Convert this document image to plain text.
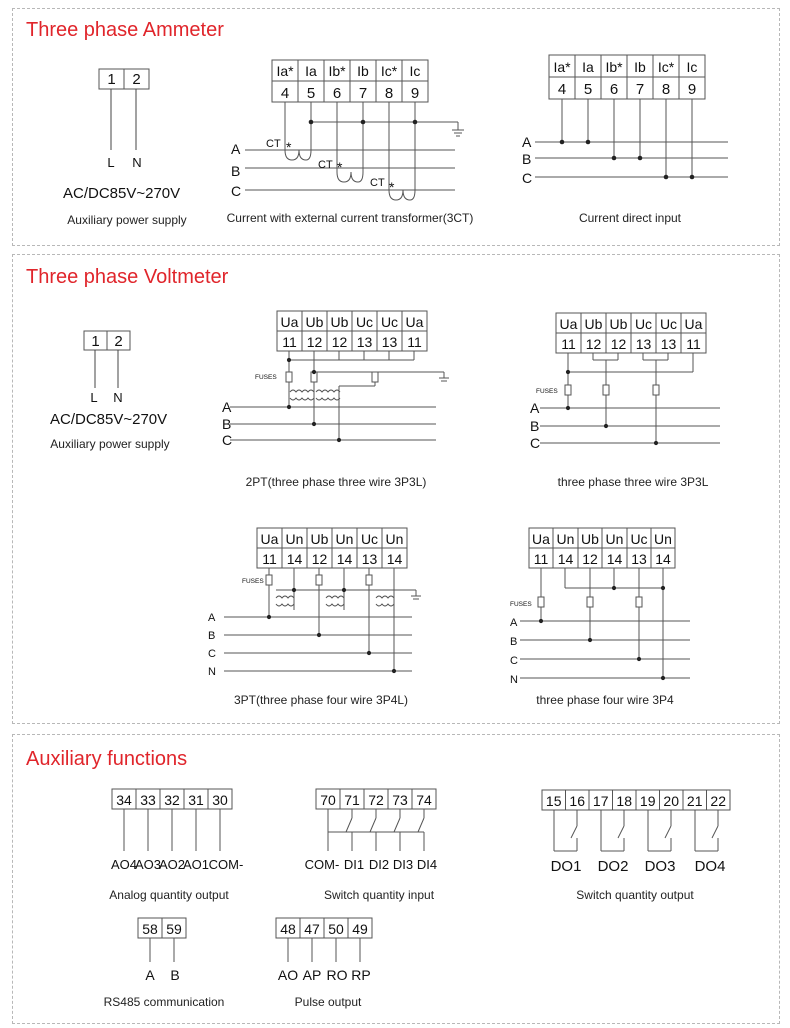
Three phase Ammeter
Three phase Voltmeter
Auxiliary functions
1 2
L N
AC/DC85V~270V
Auxiliary power supply
Ia* Ia Ib* Ib Ic* Ic
4 5 6 7 8 9
CT *
CT *
CT *
A
B
C
Current with external current transformer(3CT)
Ia* Ia Ib* Ib Ic* Ic
4 5 6 7 8 9
A
B
C
Current direct input
1 2
L N
AC/DC85V~270V
Auxiliary power supply
Ua Ub Ub Uc Uc Ua
11 12 12 13 13 11
FUSES
A
B
C
2PT(three phase three wire 3P3L)
Ua Ub Ub Uc Uc Ua
11 12 12 13 13 11
FUSES
A
B
C
three phase three wire 3P3L
Ua Un Ub Un Uc Un
11 14 12 14 13 14
FUSES
A
B
C
N
3PT(three phase four wire 3P4L)
Ua Un Ub Un Uc Un
11 14 12 14 13 14
FUSES
A
B
C
N
three phase four wire 3P4
34 33 32 31 30
AO4
AO3
AO2
AO1 COM-
Analog quantity output
70 71 72 73 74
COM- DI1 DI2 DI3 DI4
Switch quantity input
15 16 17 18 19 20 21 22
DO1 DO2 DO3 DO4
Switch quantity output
58 59
A B
RS485 communication
48 47 50 49
AO AP RO RP
Pulse output
